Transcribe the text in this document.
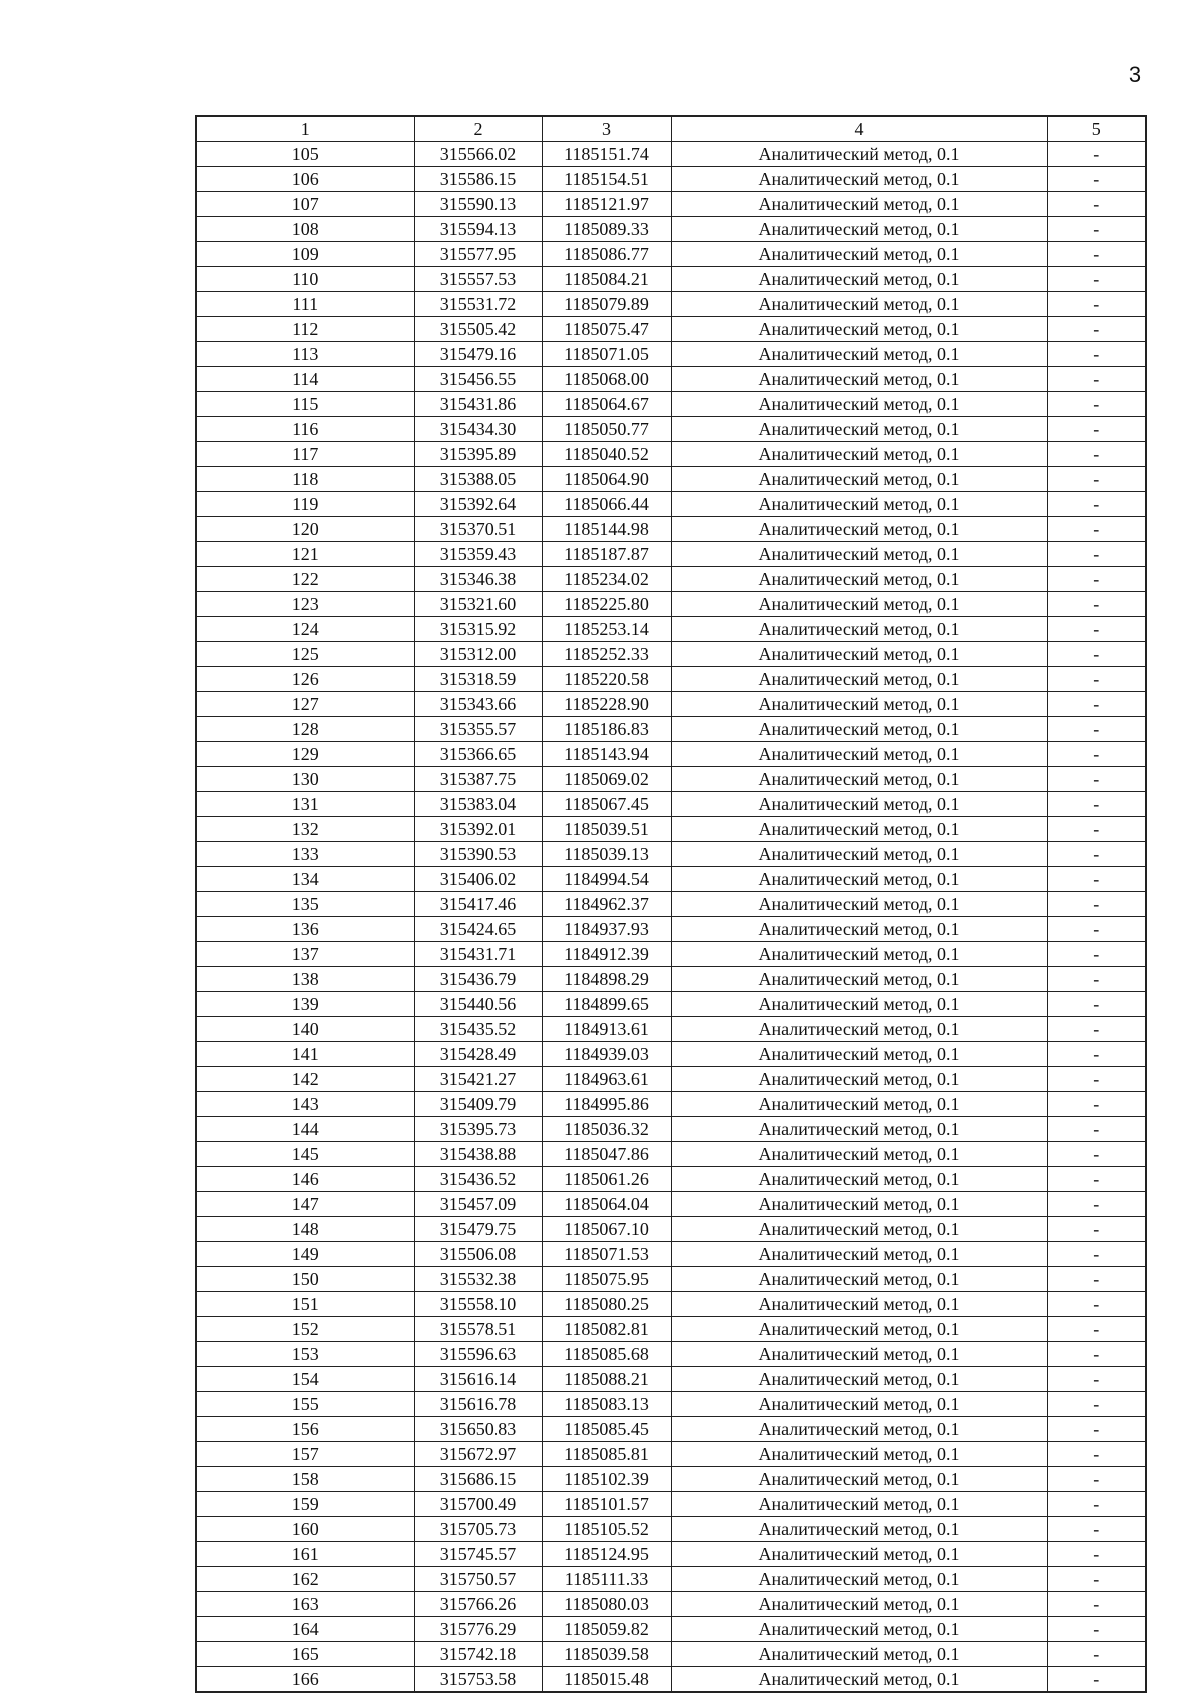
3
1	2	3	4	5
105	315566.02	1185151.74	Аналитический метод, 0.1	-
106	315586.15	1185154.51	Аналитический метод, 0.1	-
107	315590.13	1185121.97	Аналитический метод, 0.1	-
108	315594.13	1185089.33	Аналитический метод, 0.1	-
109	315577.95	1185086.77	Аналитический метод, 0.1	-
110	315557.53	1185084.21	Аналитический метод, 0.1	-
111	315531.72	1185079.89	Аналитический метод, 0.1	-
112	315505.42	1185075.47	Аналитический метод, 0.1	-
113	315479.16	1185071.05	Аналитический метод, 0.1	-
114	315456.55	1185068.00	Аналитический метод, 0.1	-
115	315431.86	1185064.67	Аналитический метод, 0.1	-
116	315434.30	1185050.77	Аналитический метод, 0.1	-
117	315395.89	1185040.52	Аналитический метод, 0.1	-
118	315388.05	1185064.90	Аналитический метод, 0.1	-
119	315392.64	1185066.44	Аналитический метод, 0.1	-
120	315370.51	1185144.98	Аналитический метод, 0.1	-
121	315359.43	1185187.87	Аналитический метод, 0.1	-
122	315346.38	1185234.02	Аналитический метод, 0.1	-
123	315321.60	1185225.80	Аналитический метод, 0.1	-
124	315315.92	1185253.14	Аналитический метод, 0.1	-
125	315312.00	1185252.33	Аналитический метод, 0.1	-
126	315318.59	1185220.58	Аналитический метод, 0.1	-
127	315343.66	1185228.90	Аналитический метод, 0.1	-
128	315355.57	1185186.83	Аналитический метод, 0.1	-
129	315366.65	1185143.94	Аналитический метод, 0.1	-
130	315387.75	1185069.02	Аналитический метод, 0.1	-
131	315383.04	1185067.45	Аналитический метод, 0.1	-
132	315392.01	1185039.51	Аналитический метод, 0.1	-
133	315390.53	1185039.13	Аналитический метод, 0.1	-
134	315406.02	1184994.54	Аналитический метод, 0.1	-
135	315417.46	1184962.37	Аналитический метод, 0.1	-
136	315424.65	1184937.93	Аналитический метод, 0.1	-
137	315431.71	1184912.39	Аналитический метод, 0.1	-
138	315436.79	1184898.29	Аналитический метод, 0.1	-
139	315440.56	1184899.65	Аналитический метод, 0.1	-
140	315435.52	1184913.61	Аналитический метод, 0.1	-
141	315428.49	1184939.03	Аналитический метод, 0.1	-
142	315421.27	1184963.61	Аналитический метод, 0.1	-
143	315409.79	1184995.86	Аналитический метод, 0.1	-
144	315395.73	1185036.32	Аналитический метод, 0.1	-
145	315438.88	1185047.86	Аналитический метод, 0.1	-
146	315436.52	1185061.26	Аналитический метод, 0.1	-
147	315457.09	1185064.04	Аналитический метод, 0.1	-
148	315479.75	1185067.10	Аналитический метод, 0.1	-
149	315506.08	1185071.53	Аналитический метод, 0.1	-
150	315532.38	1185075.95	Аналитический метод, 0.1	-
151	315558.10	1185080.25	Аналитический метод, 0.1	-
152	315578.51	1185082.81	Аналитический метод, 0.1	-
153	315596.63	1185085.68	Аналитический метод, 0.1	-
154	315616.14	1185088.21	Аналитический метод, 0.1	-
155	315616.78	1185083.13	Аналитический метод, 0.1	-
156	315650.83	1185085.45	Аналитический метод, 0.1	-
157	315672.97	1185085.81	Аналитический метод, 0.1	-
158	315686.15	1185102.39	Аналитический метод, 0.1	-
159	315700.49	1185101.57	Аналитический метод, 0.1	-
160	315705.73	1185105.52	Аналитический метод, 0.1	-
161	315745.57	1185124.95	Аналитический метод, 0.1	-
162	315750.57	1185111.33	Аналитический метод, 0.1	-
163	315766.26	1185080.03	Аналитический метод, 0.1	-
164	315776.29	1185059.82	Аналитический метод, 0.1	-
165	315742.18	1185039.58	Аналитический метод, 0.1	-
166	315753.58	1185015.48	Аналитический метод, 0.1	-
